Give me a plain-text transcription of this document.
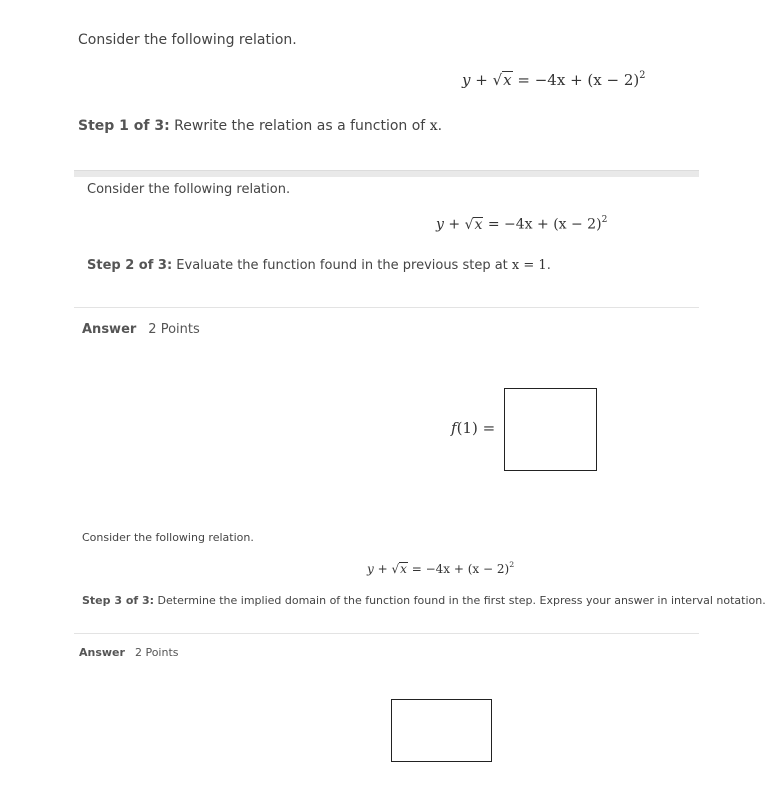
Consider the following relation.
$y + √x = -4x + (x - 2)^2$
Step 1 of 3: Rewrite the relation as a function of x.
Consider the following relation.
$y + √x = -4x + (x - 2)^2$
Step 2 of 3: Evaluate the function found in the previous step at x = 1.
Answer 2 Points
f(1) =
Consider the following relation.
$y + √x = -4x + (x - 2)^2$
Step 3 of 3: Determine the implied domain of the function found in the first step. Express your answer in interval notation.
Answer 2 Points
